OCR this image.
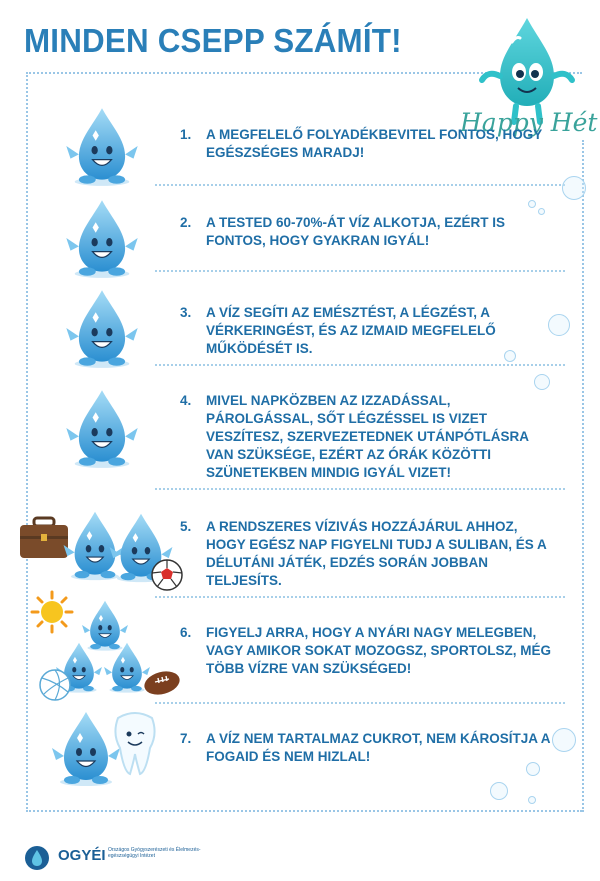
MINDEN CSEPP SZÁMÍT!
Happy Hét
1.	A MEGFELELŐ FOLYADÉKBEVITEL FONTOS, HOGY EGÉSZSÉGES MARADJ!
2.	A TESTED 60-70%-ÁT VÍZ ALKOTJA, EZÉRT IS FONTOS, HOGY GYAKRAN IGYÁL!
3.	A VÍZ SEGÍTI AZ EMÉSZTÉST, A LÉGZÉST, A VÉRKERINGÉST, ÉS AZ IZMAID MEGFELELŐ MŰKÖDÉSÉT IS.
4.	MIVEL NAPKÖZBEN AZ IZZADÁSSAL, PÁROLGÁSSAL, SŐT LÉGZÉSSEL IS VIZET VESZÍTESZ, SZERVEZETEDNEK UTÁNPÓTLÁSRA VAN SZÜKSÉGE, EZÉRT AZ ÓRÁK KÖZÖTTI SZÜNETEKBEN MINDIG IGYÁL VIZET!
5.	A RENDSZERES VÍZIVÁS HOZZÁJÁRUL AHHOZ, HOGY EGÉSZ NAP FIGYELNI TUDJ A SULIBAN, ÉS A DÉLUTÁNI JÁTÉK, EDZÉS SORÁN JOBBAN TELJESÍTS.
6.	FIGYELJ ARRA, HOGY A NYÁRI NAGY MELEGBEN, VAGY AMIKOR SOKAT MOZOGSZ, SPORTOLSZ, MÉG TÖBB VÍZRE VAN SZÜKSÉGED!
7.	A VÍZ NEM TARTALMAZ CUKROT, NEM KÁROSÍTJA A FOGAID ÉS NEM HIZLAL!
OGYÉI Országos Gyógyszerészeti és Élelmezés-egészségügyi Intézet
